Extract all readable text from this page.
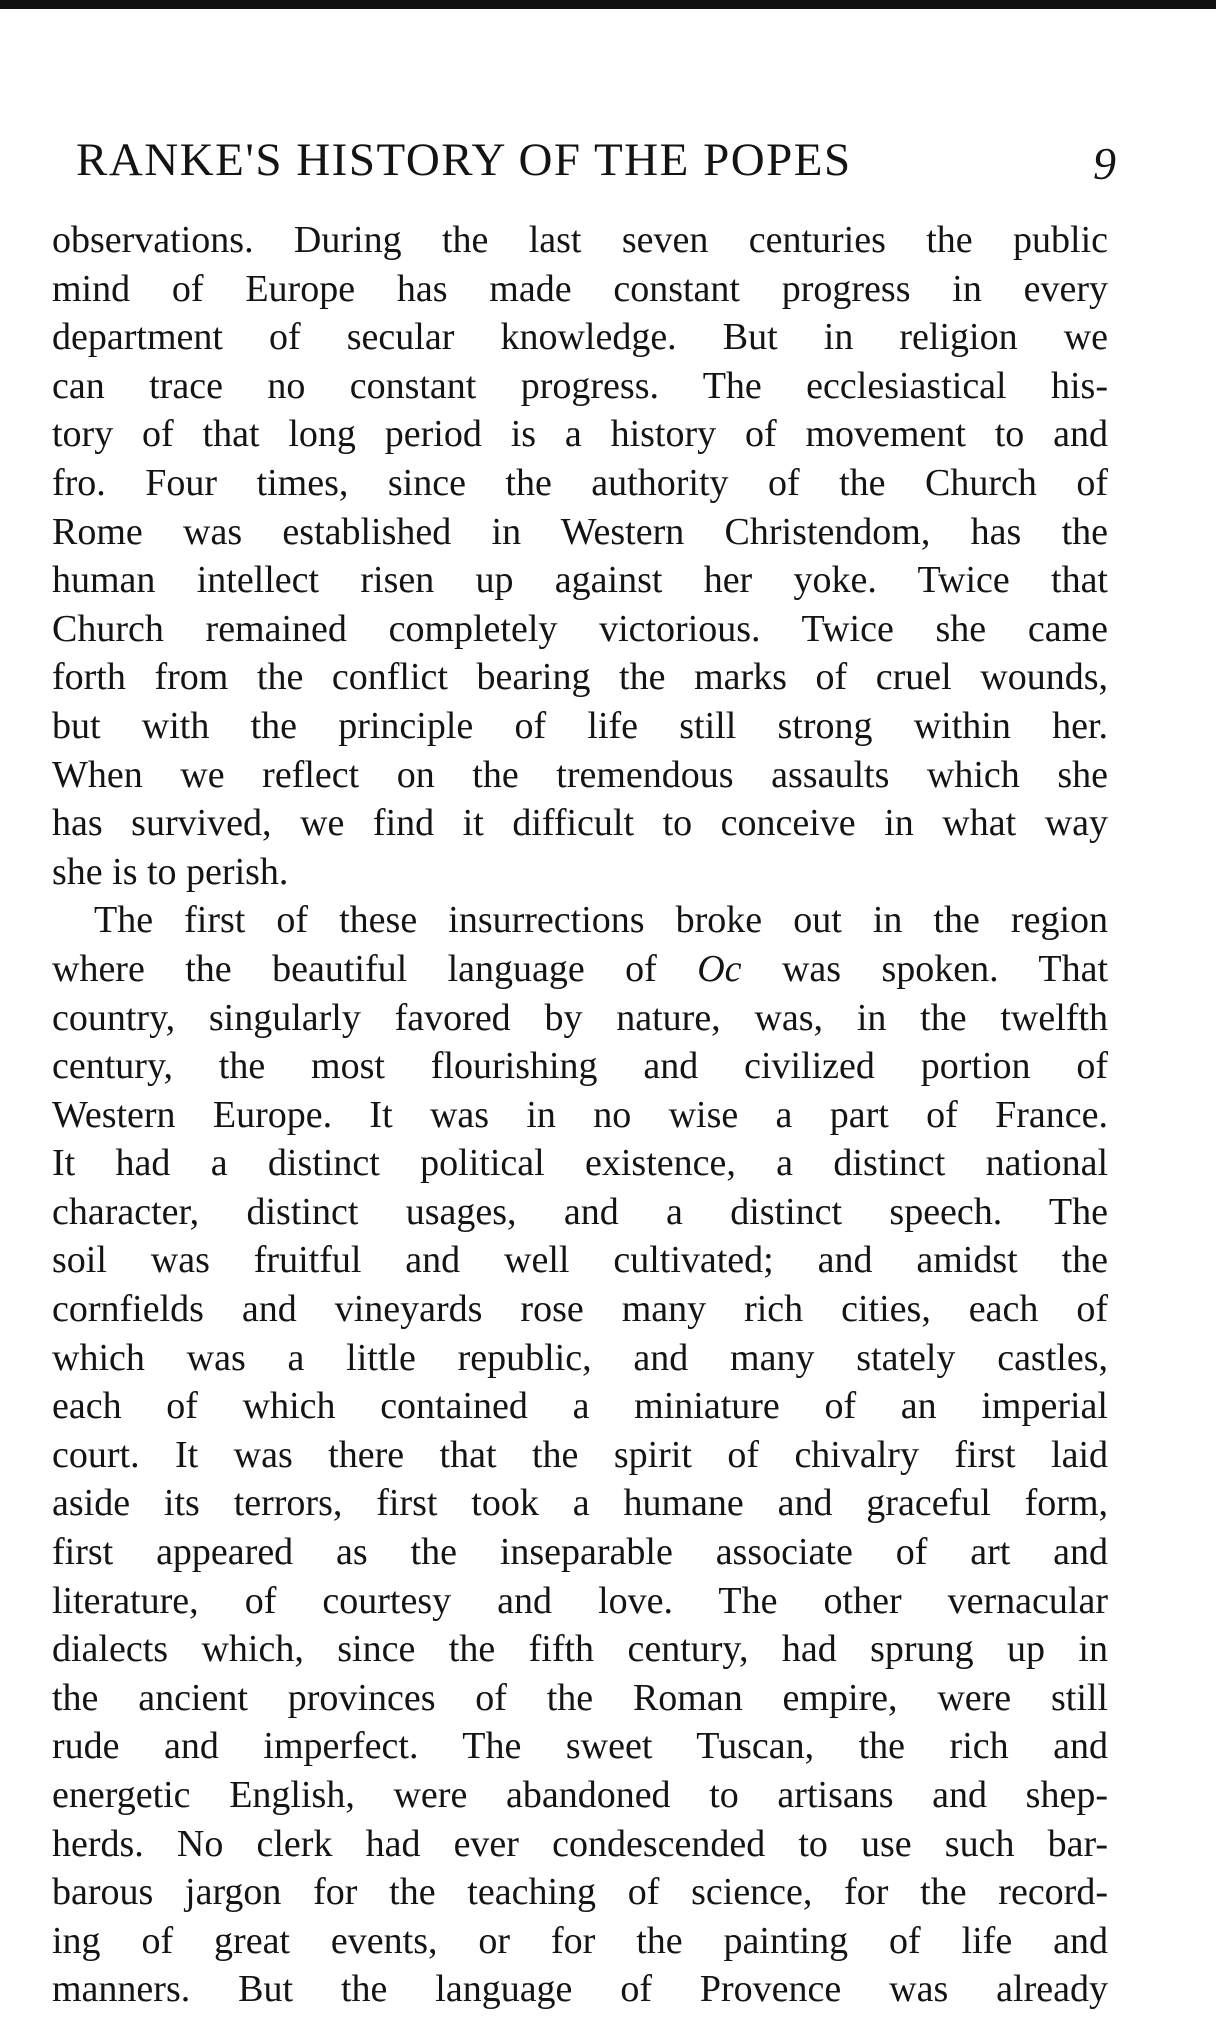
RANKE'S HISTORY OF THE POPES	9
observations. During the last seven centuries the public
mind of Europe has made constant progress in every
department of secular knowledge. But in religion we
can trace no constant progress. The ecclesiastical his-
tory of that long period is a history of movement to and
fro. Four times, since the authority of the Church of
Rome was established in Western Christendom, has the
human intellect risen up against her yoke. Twice that
Church remained completely victorious. Twice she came
forth from the conflict bearing the marks of cruel wounds,
but with the principle of life still strong within her.
When we reflect on the tremendous assaults which she
has survived, we find it difficult to conceive in what way
she is to perish.
The first of these insurrections broke out in the region
where the beautiful language of Oc was spoken. That
country, singularly favored by nature, was, in the twelfth
century, the most flourishing and civilized portion of
Western Europe. It was in no wise a part of France.
It had a distinct political existence, a distinct national
character, distinct usages, and a distinct speech. The
soil was fruitful and well cultivated; and amidst the
cornfields and vineyards rose many rich cities, each of
which was a little republic, and many stately castles,
each of which contained a miniature of an imperial
court. It was there that the spirit of chivalry first laid
aside its terrors, first took a humane and graceful form,
first appeared as the inseparable associate of art and
literature, of courtesy and love. The other vernacular
dialects which, since the fifth century, had sprung up in
the ancient provinces of the Roman empire, were still
rude and imperfect. The sweet Tuscan, the rich and
energetic English, were abandoned to artisans and shep-
herds. No clerk had ever condescended to use such bar-
barous jargon for the teaching of science, for the record-
ing of great events, or for the painting of life and
manners. But the language of Provence was already
